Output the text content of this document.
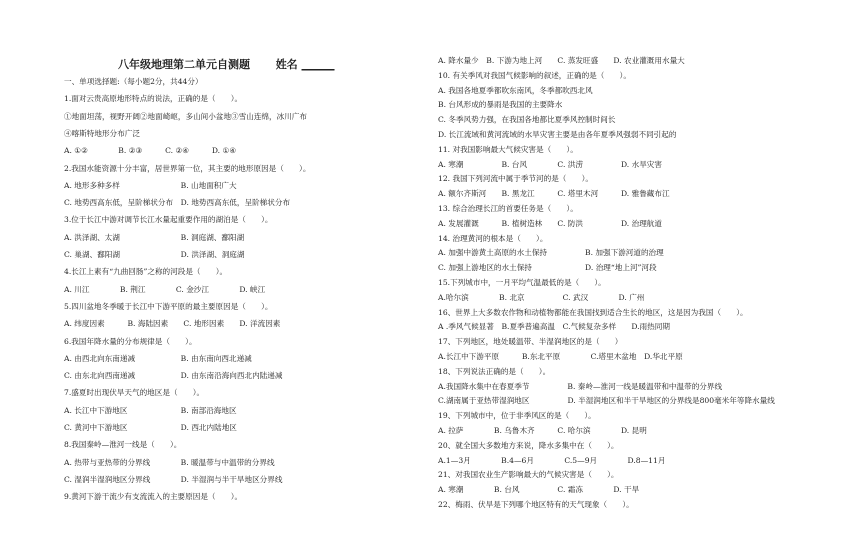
八年级地理第二单元自测题 姓名 ______
一、单项选择题:（每小题2分，共44分）
1.面对云贵高原地形特点的说法，正确的是（　　）。
①地面坦荡，视野开阔②地面崎岖，多山间小盆地③雪山连绵，冰川广布
④喀斯特地形分布广泛
A. ①②　　　　B. ②③　　　C. ②④　　　D. ①④
2.我国水能资源十分丰富，居世界第一位，其主要的地形原因是（　　）。
A. 地形多种多样　　　　　　　　B. 山地面积广大
C. 地势西高东低，呈阶梯状分布　D. 地势西高东低，呈阶梯状分布
3.位于长江中游对调节长江水量起重要作用的湖泊是（　　）。
A. 洪泽湖、太湖　　　　　　　　B. 洞庭湖、鄱阳湖
C. 巢湖、鄱阳湖　　　　　　　　D. 洪泽湖、洞庭湖
4.长江上素有“九曲回肠”之称的河段是（　　）。
A. 川江　　　　B. 荆江　　　　C. 金沙江　　　　D. 峡江
5.四川盆地冬季暖于长江中下游平原的最主要原因是（　　）。
A. 纬度因素　　　B. 海陆因素　　C. 地形因素　　D. 洋流因素
6.我国年降水量的分布规律是（　　）。
A. 由西北向东南递减　　　　　　B. 由东南向西北递减
C. 由东北向西南递减　　　　　　D. 由东南沿海向西北内陆递减
7.盛夏时出现伏旱天气的地区是（　　）。
A. 长江中下游地区　　　　　　　B. 南部沿海地区
C. 黄河中下游地区　　　　　　　D. 西北内陆地区
8.我国秦岭—淮河一线是（　　）。
A. 热带与亚热带的分界线　　　　B. 暖温带与中温带的分界线
C. 湿润半湿润地区分界线　　　　D. 半湿润与半干旱地区分界线
9.黄河下游干流少有支流流入的主要原因是（　　）。
A. 降水量少　B. 下游为地上河　　C. 蒸发旺盛　　D. 农业灌溉用水量大
10. 有关季风对我国气候影响的叙述，正确的是（　　）。
A. 我国各地夏季都吹东南风，冬季都吹西北风
B. 台风形成的暴雨是我国的主要降水
C. 冬季风势力强，在我国各地都比夏季风控制时间长
D. 长江流域和黄河流域的水旱灾害主要是由各年夏季风强弱不同引起的
11. 对我国影响最大气候灾害是（　　）。
A. 寒潮　　　　　B. 台风　　　　C. 洪涝　　　　　D. 水旱灾害
12. 我国下列河流中属于季节河的是（　　）。
A. 额尔齐斯河　　B. 黑龙江　　　C. 塔里木河　　　D. 雅鲁藏布江
13. 综合治理长江的首要任务是（　　）。
A. 发展灌溉　　　B. 植树造林　　C. 防洪　　　　　D. 治理航道
14. 治理黄河的根本是（　　）。
A. 加强中游黄土高原的水土保持　　　　　B. 加强下游河道的治理
C. 加强上游地区的水土保持　　　　　　　D. 治理“地上河”河段
15.下列城市中，一月平均气温最低的是（　　）。
A.哈尔滨　　　　B. 北京　　　　　C. 武汉　　　　D. 广州
16、世界上大多数农作物和动植物都能在我国找到适合生长的地区，这是因为我国（　　）。
A .季风气候显著　B.夏季普遍高温　C.气候复杂多样　　D.雨热同期
17、下列地区，地处暖温带、半湿润地区的是（　　）
A.长江中下游平原　　　B.东北平原　　　　C.塔里木盆地　D.华北平原
18、下列说法正确的是（　　）。
A.我国降水集中在春夏季节　　　　　B. 秦岭—淮河一线是暖温带和中温带的分界线
C.湖南属于亚热带湿润地区　　　　　D. 半湿润地区和半干旱地区的分界线是800毫米年等降水量线
19、下列城市中，位于非季风区的是（　　）。
A. 拉萨　　　　B. 乌鲁木齐　　　C. 哈尔滨　　　　D. 昆明
20、就全国大多数地方来说，降水多集中在（　　）。
A.1—3月　　　　B.4—6月　　　　C.5—9月　　　　D.8—11月
21、对我国农业生产影响最大的气候灾害是（　　）。
A. 寒潮　　　　B. 台风　　　　　C. 霜冻　　　　D. 干旱
22、梅雨、伏旱是下列哪个地区特有的天气现象（　　）。
